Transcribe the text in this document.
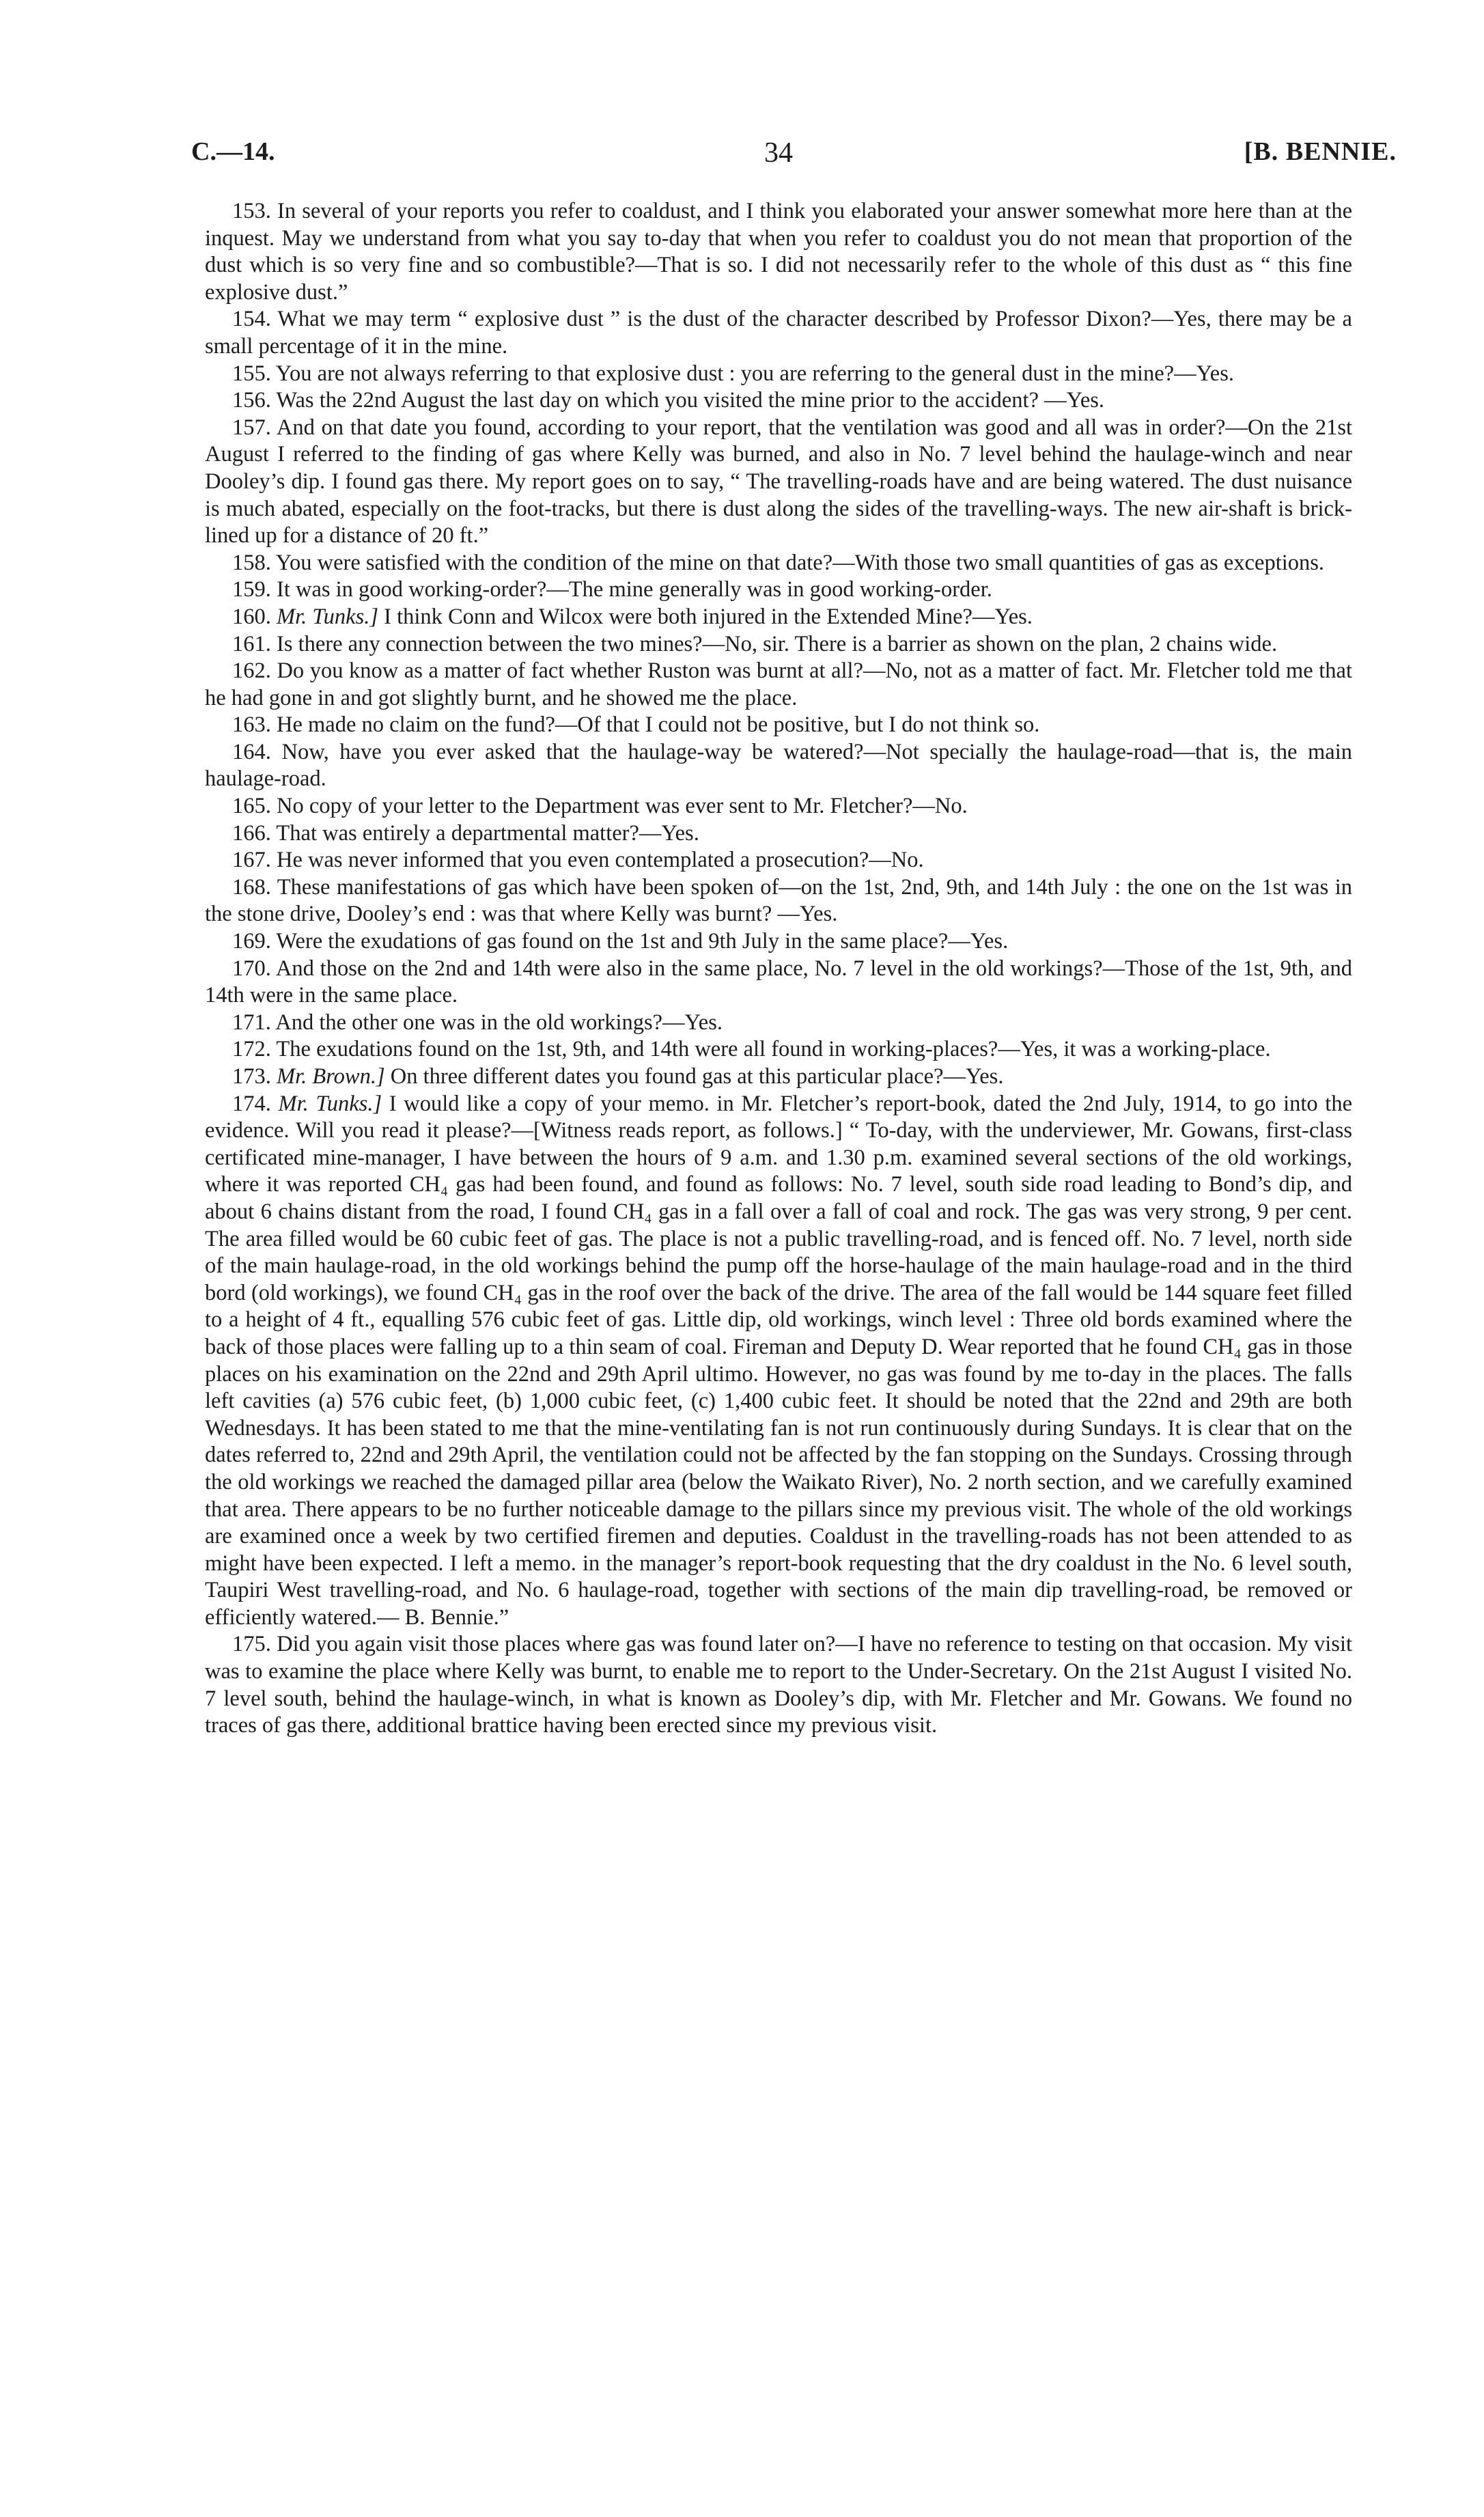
C.—14.	34	[B. BENNIE.

153. In several of your reports you refer to coaldust, and I think you elaborated your answer somewhat more here than at the inquest. May we understand from what you say to-day that when you refer to coaldust you do not mean that proportion of the dust which is so very fine and so combustible?—That is so. I did not necessarily refer to the whole of this dust as “ this fine explosive dust.”

154. What we may term “ explosive dust ” is the dust of the character described by Professor Dixon?—Yes, there may be a small percentage of it in the mine.

155. You are not always referring to that explosive dust : you are referring to the general dust in the mine?—Yes.

156. Was the 22nd August the last day on which you visited the mine prior to the accident? —Yes.

157. And on that date you found, according to your report, that the ventilation was good and all was in order?—On the 21st August I referred to the finding of gas where Kelly was burned, and also in No. 7 level behind the haulage-winch and near Dooley’s dip. I found gas there. My report goes on to say, “ The travelling-roads have and are being watered. The dust nuisance is much abated, especially on the foot-tracks, but there is dust along the sides of the travelling-ways. The new air-shaft is brick-lined up for a distance of 20 ft.”

158. You were satisfied with the condition of the mine on that date?—With those two small quantities of gas as exceptions.

159. It was in good working-order?—The mine generally was in good working-order.

160. Mr. Tunks.] I think Conn and Wilcox were both injured in the Extended Mine?—Yes.

161. Is there any connection between the two mines?—No, sir. There is a barrier as shown on the plan, 2 chains wide.

162. Do you know as a matter of fact whether Ruston was burnt at all?—No, not as a matter of fact. Mr. Fletcher told me that he had gone in and got slightly burnt, and he showed me the place.

163. He made no claim on the fund?—Of that I could not be positive, but I do not think so.

164. Now, have you ever asked that the haulage-way be watered?—Not specially the haulage-road—that is, the main haulage-road.

165. No copy of your letter to the Department was ever sent to Mr. Fletcher?—No.

166. That was entirely a departmental matter?—Yes.

167. He was never informed that you even contemplated a prosecution?—No.

168. These manifestations of gas which have been spoken of—on the 1st, 2nd, 9th, and 14th July : the one on the 1st was in the stone drive, Dooley’s end : was that where Kelly was burnt? —Yes.

169. Were the exudations of gas found on the 1st and 9th July in the same place?—Yes.

170. And those on the 2nd and 14th were also in the same place, No. 7 level in the old workings?—Those of the 1st, 9th, and 14th were in the same place.

171. And the other one was in the old workings?—Yes.

172. The exudations found on the 1st, 9th, and 14th were all found in working-places?—Yes, it was a working-place.

173. Mr. Brown.] On three different dates you found gas at this particular place?—Yes.

174. Mr. Tunks.] I would like a copy of your memo. in Mr. Fletcher’s report-book, dated the 2nd July, 1914, to go into the evidence. Will you read it please?—[Witness reads report, as follows.] “ To-day, with the underviewer, Mr. Gowans, first-class certificated mine-manager, I have between the hours of 9 a.m. and 1.30 p.m. examined several sections of the old workings, where it was reported CH₄ gas had been found, and found as follows: No. 7 level, south side road leading to Bond’s dip, and about 6 chains distant from the road, I found CH₄ gas in a fall over a fall of coal and rock. The gas was very strong, 9 per cent. The area filled would be 60 cubic feet of gas. The place is not a public travelling-road, and is fenced off. No. 7 level, north side of the main haulage-road, in the old workings behind the pump off the horse-haulage of the main haulage-road and in the third bord (old workings), we found CH₄ gas in the roof over the back of the drive. The area of the fall would be 144 square feet filled to a height of 4 ft., equalling 576 cubic feet of gas. Little dip, old workings, winch level : Three old bords examined where the back of those places were falling up to a thin seam of coal. Fireman and Deputy D. Wear reported that he found CH₄ gas in those places on his examination on the 22nd and 29th April ultimo. However, no gas was found by me to-day in the places. The falls left cavities (a) 576 cubic feet, (b) 1,000 cubic feet, (c) 1,400 cubic feet. It should be noted that the 22nd and 29th are both Wednesdays. It has been stated to me that the mine-ventilating fan is not run continuously during Sundays. It is clear that on the dates referred to, 22nd and 29th April, the ventilation could not be affected by the fan stopping on the Sundays. Crossing through the old workings we reached the damaged pillar area (below the Waikato River), No. 2 north section, and we carefully examined that area. There appears to be no further noticeable damage to the pillars since my previous visit. The whole of the old workings are examined once a week by two certified firemen and deputies. Coaldust in the travelling-roads has not been attended to as might have been expected. I left a memo. in the manager’s report-book requesting that the dry coaldust in the No. 6 level south, Taupiri West travelling-road, and No. 6 haulage-road, together with sections of the main dip travelling-road, be removed or efficiently watered.— B. Bennie.”

175. Did you again visit those places where gas was found later on?—I have no reference to testing on that occasion. My visit was to examine the place where Kelly was burnt, to enable me to report to the Under-Secretary. On the 21st August I visited No. 7 level south, behind the haulage-winch, in what is known as Dooley’s dip, with Mr. Fletcher and Mr. Gowans. We found no traces of gas there, additional brattice having been erected since my previous visit.
